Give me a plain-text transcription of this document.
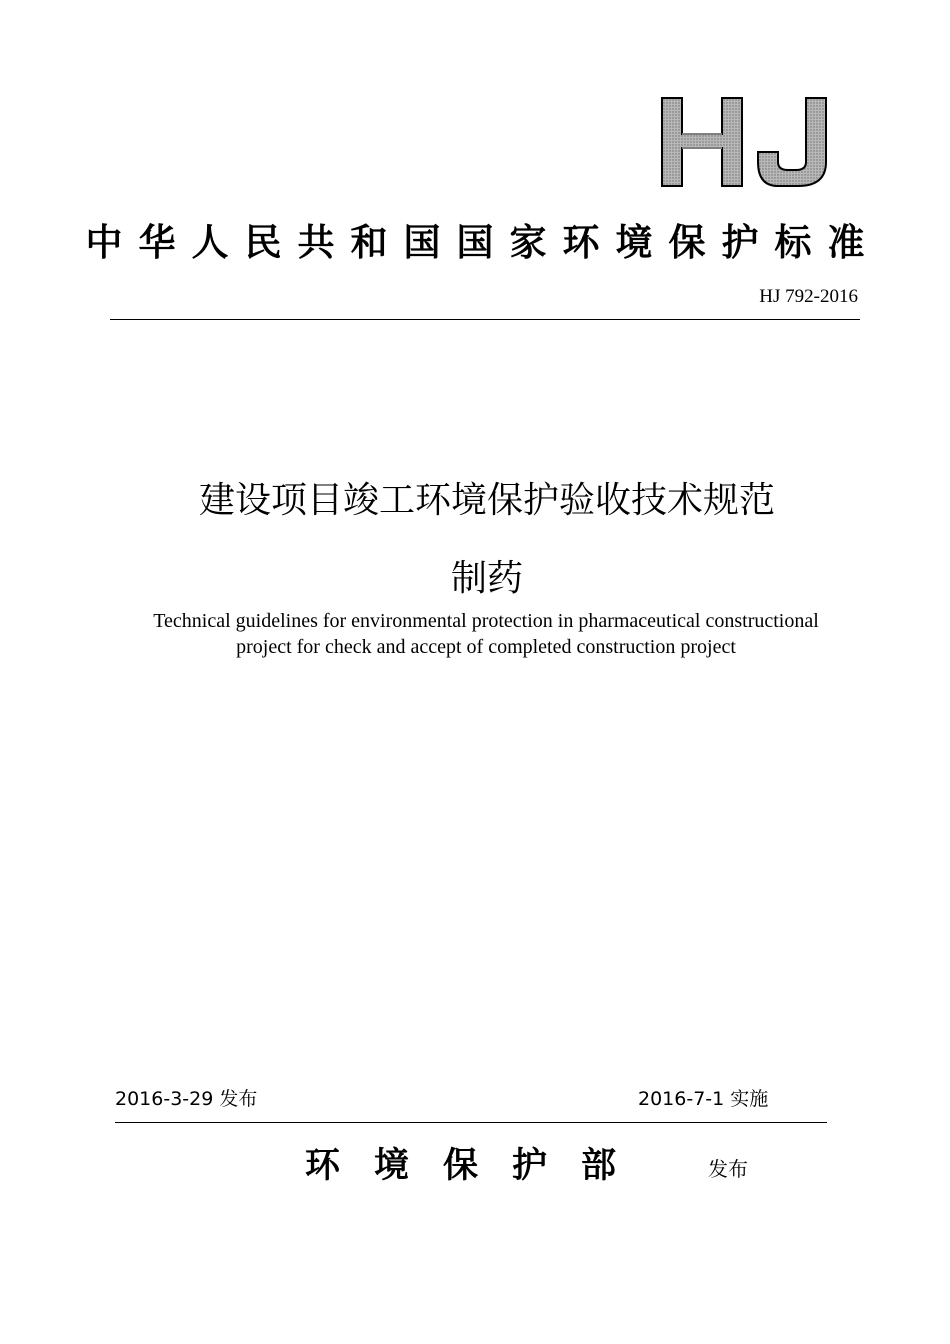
中华人民共和国国家环境保护标准
HJ 792-2016
建设项目竣工环境保护验收技术规范
制药
Technical guidelines for environmental protection in pharmaceutical constructional
project for check and accept of completed construction project
2016-3-29 发布	2016-7-1 实施
环境保护部	发布
